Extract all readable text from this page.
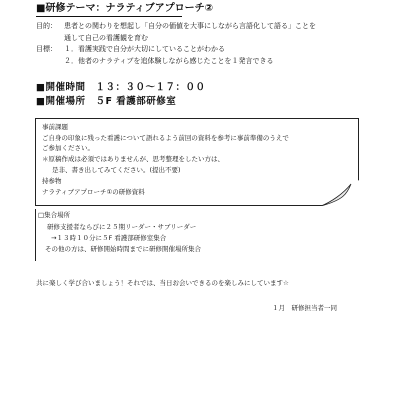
■研修テーマ：ナラティブアプローチ②
目的： 患者との関わりを想起し「自分の価値を大事にしながら言語化して語る」ことを
通して自己の看護観を育む
目標： １．看護実践で自分が大切にしていることがわかる
２．他者のナラティブを追体験しながら感じたことを１発言できる
■開催時間　１３：３０～１７：００
■開催場所　５F 看護部研修室
事前課題
ご自身の印象に残った看護について語れるよう前回の資料を参考に事前準備のうえで
ご参加ください。
＊原稿作成は必須ではありませんが、思考整理をしたい方は、
是非、書き出してみてください。(提出不要)
持参物
ナラティブアプローチ①の研修資料
□集合場所
研修支援者ならびに２５期リーダー・サブリーダー
→１３時１０分に５F 看護部研修室集合
その他の方は、研修開始時間までに研修開催場所集合
共に楽しく学び合いましょう！それでは、当日お会いできるのを楽しみにしています☆
１月　研修担当者一同
